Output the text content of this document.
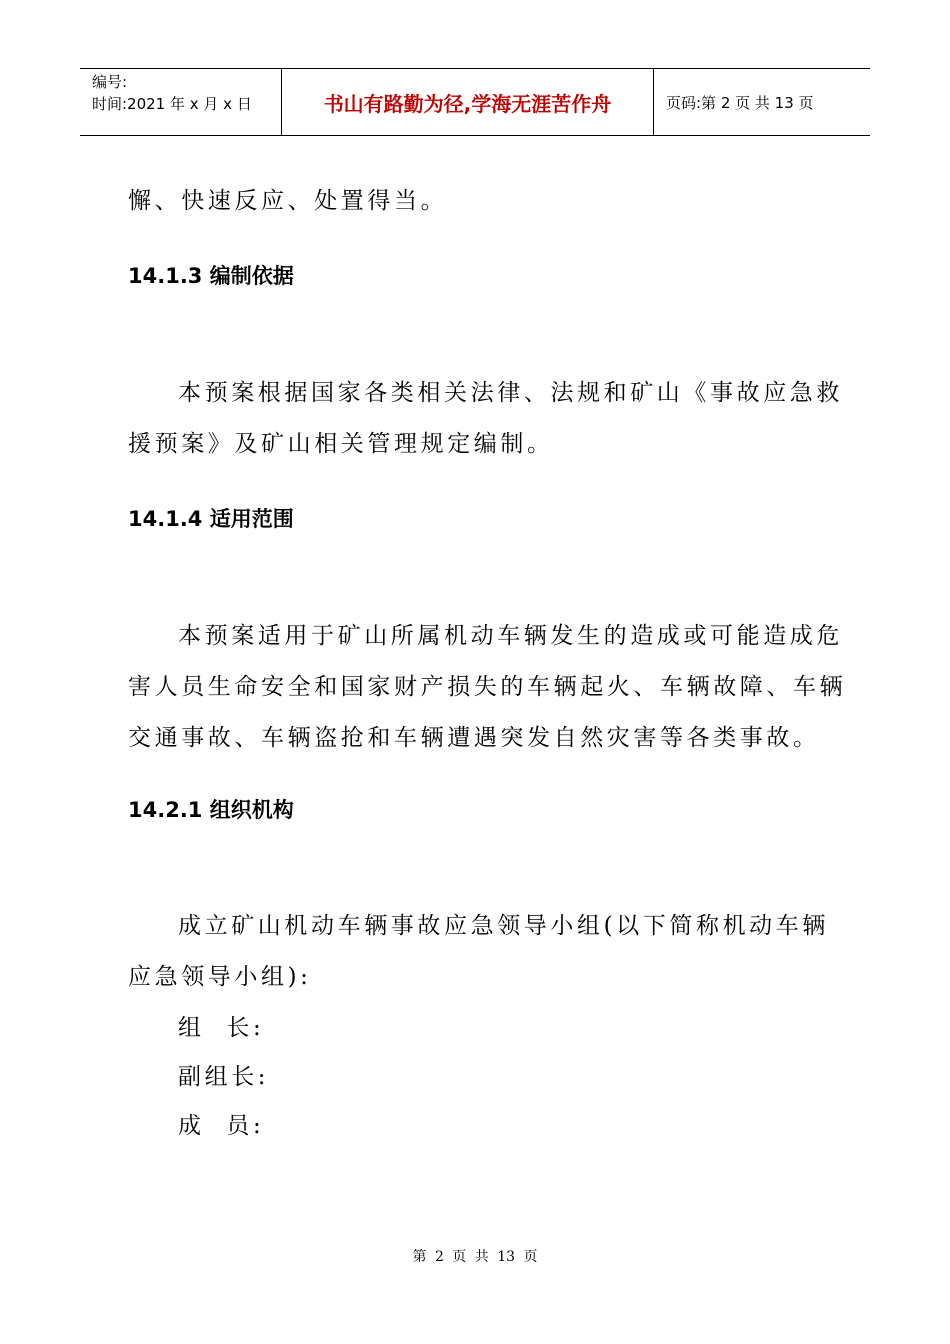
编号:
时间:2021 年 x 月 x 日	书山有路勤为径,学海无涯苦作舟	页码:第 2 页 共 13 页
懈、快速反应、处置得当。
14.1.3 编制依据
本预案根据国家各类相关法律、法规和矿山《事故应急救
援预案》及矿山相关管理规定编制。
14.1.4 适用范围
本预案适用于矿山所属机动车辆发生的造成或可能造成危
害人员生命安全和国家财产损失的车辆起火、车辆故障、车辆
交通事故、车辆盗抢和车辆遭遇突发自然灾害等各类事故。
14.2.1 组织机构
成立矿山机动车辆事故应急领导小组(以下简称机动车辆
应急领导小组):
组  长:
副组长:
成  员:
第 2 页 共 13 页
